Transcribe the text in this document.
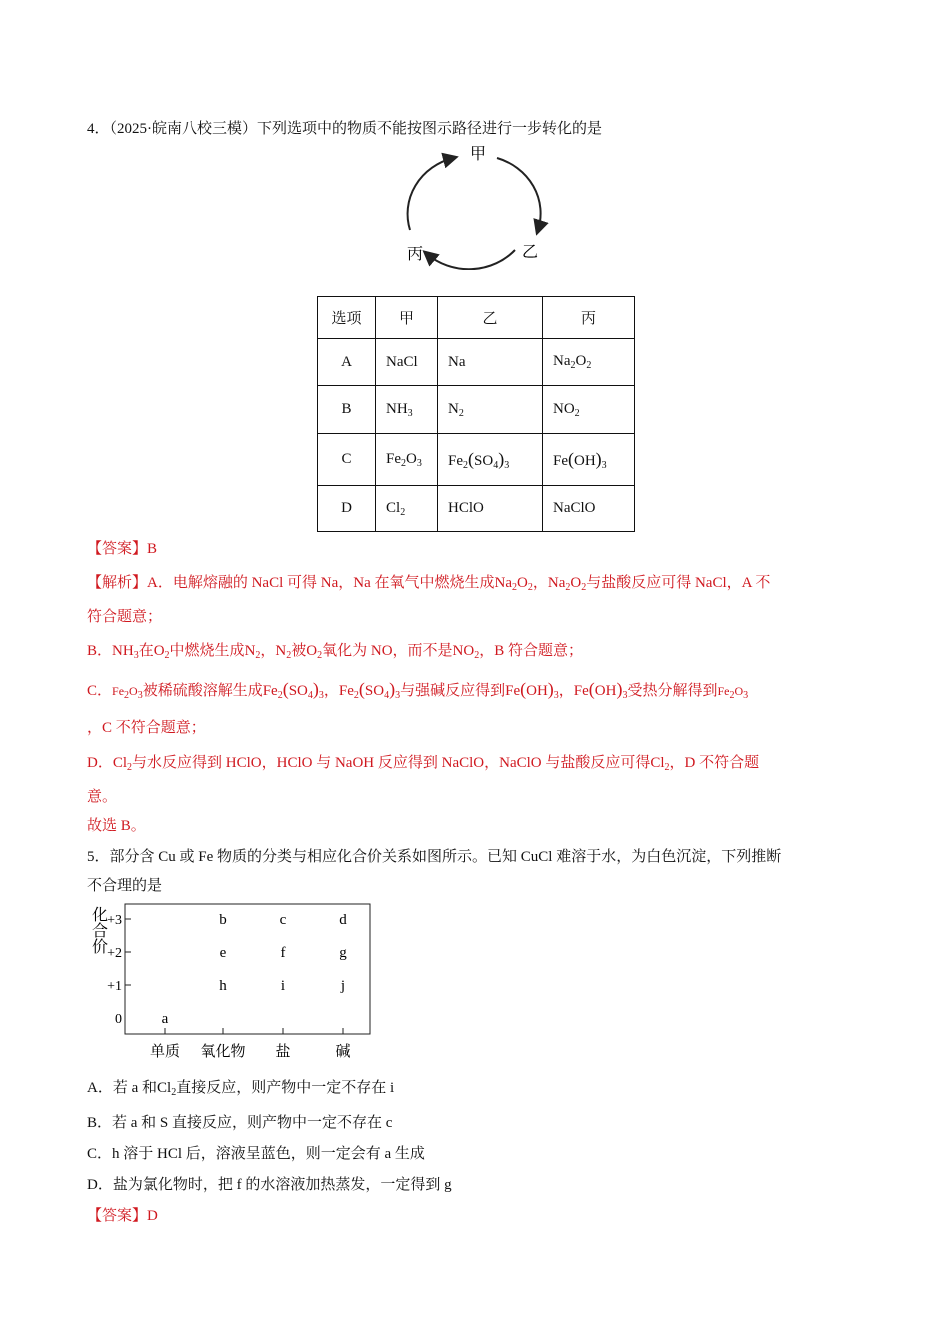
4．（2025·皖南八校三模）下列选项中的物质不能按图示路径进行一步转化的是
甲
乙
丙
选项	甲	乙	丙
A	NaCl	Na	$Na_2O_2$
B	$NH_3$	$N_2$	$NO_2$
C	$Fe_2O_3$	$Fe_2(SO_4)_3$	$Fe(OH)_3$
D	$Cl_2$	HClO	NaClO
【答案】B
【解析】A．电解熔融的 NaCl 可得 Na，Na 在氧气中燃烧生成$Na_2O_2$，$Na_2O_2$与盐酸反应可得 NaCl，A 不
符合题意；
B．$NH_3$在$O_2$中燃烧生成$N_2$，$N_2$被$O_2$氧化为 NO，而不是$NO_2$，B 符合题意；
C．$Fe_2O_3$被稀硫酸溶解生成$Fe_2(SO_4)_3$，$Fe_2(SO_4)_3$与强碱反应得到$Fe(OH)_3$，$Fe(OH)_3$受热分解得到$Fe_2O_3$
，C 不符合题意；
D．$Cl_2$与水反应得到 HClO，HClO 与 NaOH 反应得到 NaClO，NaClO 与盐酸反应可得$Cl_2$，D 不符合题
意。
故选 B。
5．部分含 Cu 或 Fe 物质的分类与相应化合价关系如图所示。已知 CuCl 难溶于水，为白色沉淀，下列推断
不合理的是
化合价
+3
+2
+1
0
单质 氧化物 盐	碱
a
b	c	d
e	f	g
h	i	j
A．若 a 和$Cl_2$直接反应，则产物中一定不存在 i
B．若 a 和 S 直接反应，则产物中一定不存在 c
C．h 溶于 HCl 后，溶液呈蓝色，则一定会有 a 生成
D．盐为氯化物时，把 f 的水溶液加热蒸发，一定得到 g
【答案】D
